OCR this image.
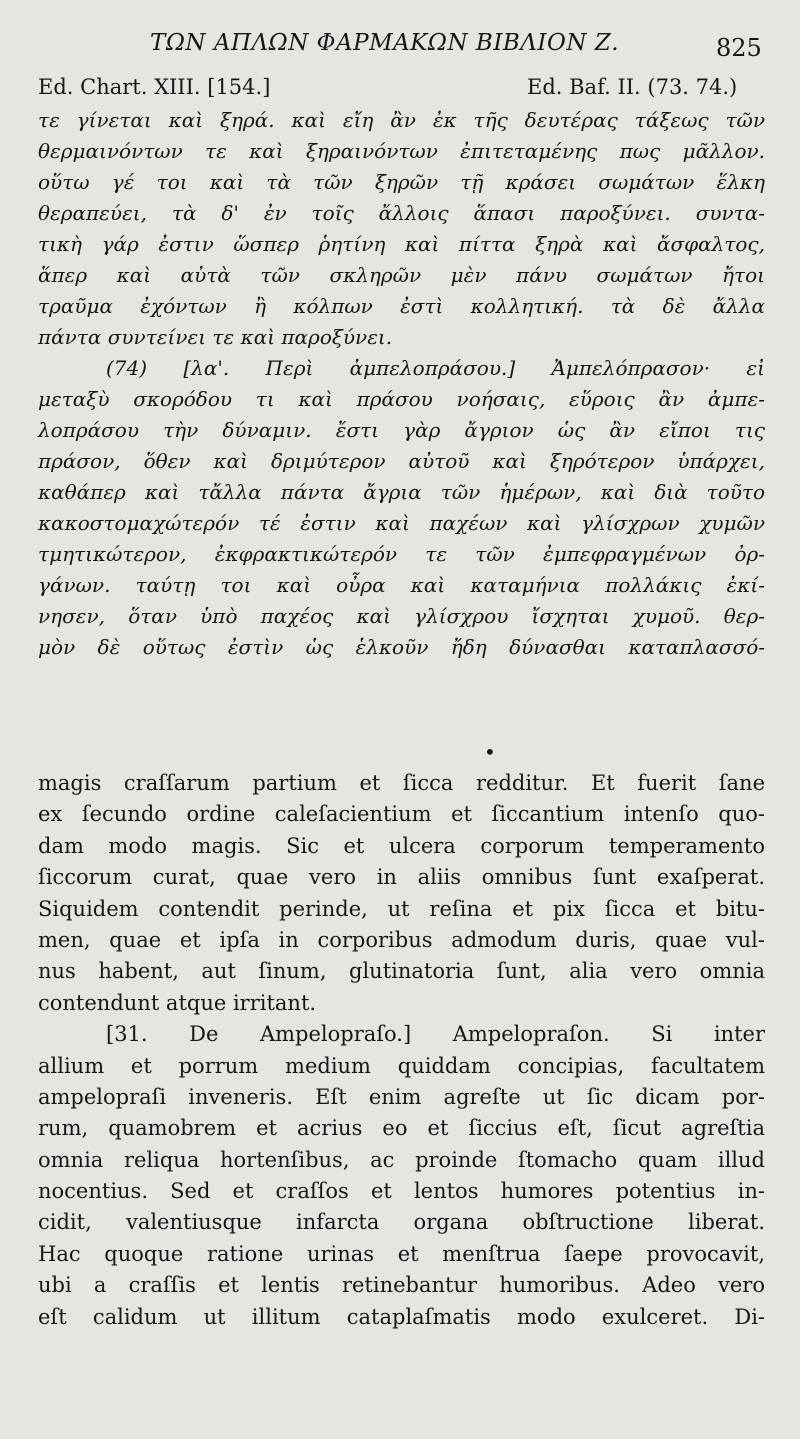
ΤΩΝ ΑΠΛΩΝ ΦΑΡΜΑΚΩΝ ΒΙΒΛΙΟΝ Ζ.	825
Ed. Chart. XIII. [154.]	Ed. Baf. II. (73. 74.)
τε γίνεται καὶ ξηρά. καὶ εἴη ἂν ἐκ τῆς δευτέρας τάξεως τῶν
θερμαινόντων τε καὶ ξηραινόντων ἐπιτεταμένης πως μᾶλλον.
οὕτω γέ τοι καὶ τὰ τῶν ξηρῶν τῇ κράσει σωμάτων ἕλκη
θεραπεύει, τὰ δ' ἐν τοῖς ἄλλοις ἅπασι παροξύνει. συντα-
τικὴ γάρ ἐστιν ὥσπερ ῥητίνη καὶ πίττα ξηρὰ καὶ ἄσφαλτος,
ἅπερ καὶ αὐτὰ τῶν σκληρῶν μὲν πάνυ σωμάτων ἤτοι
τραῦμα ἐχόντων ἢ κόλπων ἐστὶ κολλητική. τὰ δὲ ἄλλα
πάντα συντείνει τε καὶ παροξύνει.
(74) [λα'. Περὶ ἀμπελοπράσου.] Ἀμπελόπρασον· εἰ
μεταξὺ σκορόδου τι καὶ πράσου νοήσαις, εὕροις ἂν ἀμπε-
λοπράσου τὴν δύναμιν. ἔστι γὰρ ἄγριον ὡς ἂν εἴποι τις
πράσον, ὅθεν καὶ δριμύτερον αὐτοῦ καὶ ξηρότερον ὑπάρχει,
καθάπερ καὶ τἄλλα πάντα ἄγρια τῶν ἡμέρων, καὶ διὰ τοῦτο
κακοστομαχώτερόν τέ ἐστιν καὶ παχέων καὶ γλίσχρων χυμῶν
τμητικώτερον, ἐκφρακτικώτερόν τε τῶν ἐμπεφραγμένων ὀρ-
γάνων. ταύτῃ τοι καὶ οὖρα καὶ καταμήνια πολλάκις ἐκί-
νησεν, ὅταν ὑπὸ παχέος καὶ γλίσχρου ἴσχηται χυμοῦ. θερ-
μὸν δὲ οὕτως ἐστὶν ὡς ἑλκοῦν ἤδη δύνασθαι καταπλασσό-
•
magis craſſarum partium et ſicca redditur. Et fuerit ſane
ex ſecundo ordine caleſacientium et ſiccantium intenſo quo-
dam modo magis. Sic et ulcera corporum temperamento
ſiccorum curat, quae vero in aliis omnibus ſunt exaſperat.
Siquidem contendit perinde, ut reſina et pix ſicca et bitu-
men, quae et ipſa in corporibus admodum duris, quae vul-
nus habent, aut ſinum, glutinatoria ſunt, alia vero omnia
contendunt atque irritant.
[31. De Ampelopraſo.] Ampelopraſon. Si inter
allium et porrum medium quiddam concipias, facultatem
ampelopraſi inveneris. Eſt enim agreſte ut ſic dicam por-
rum, quamobrem et acrius eo et ſiccius eſt, ſicut agreſtia
omnia reliqua hortenſibus, ac proinde ſtomacho quam illud
nocentius. Sed et craſſos et lentos humores potentius in-
cidit, valentiusque infarcta organa obſtructione liberat.
Hac quoque ratione urinas et menſtrua ſaepe provocavit,
ubi a craſſis et lentis retinebantur humoribus. Adeo vero
eſt calidum ut illitum cataplaſmatis modo exulceret. Di-
